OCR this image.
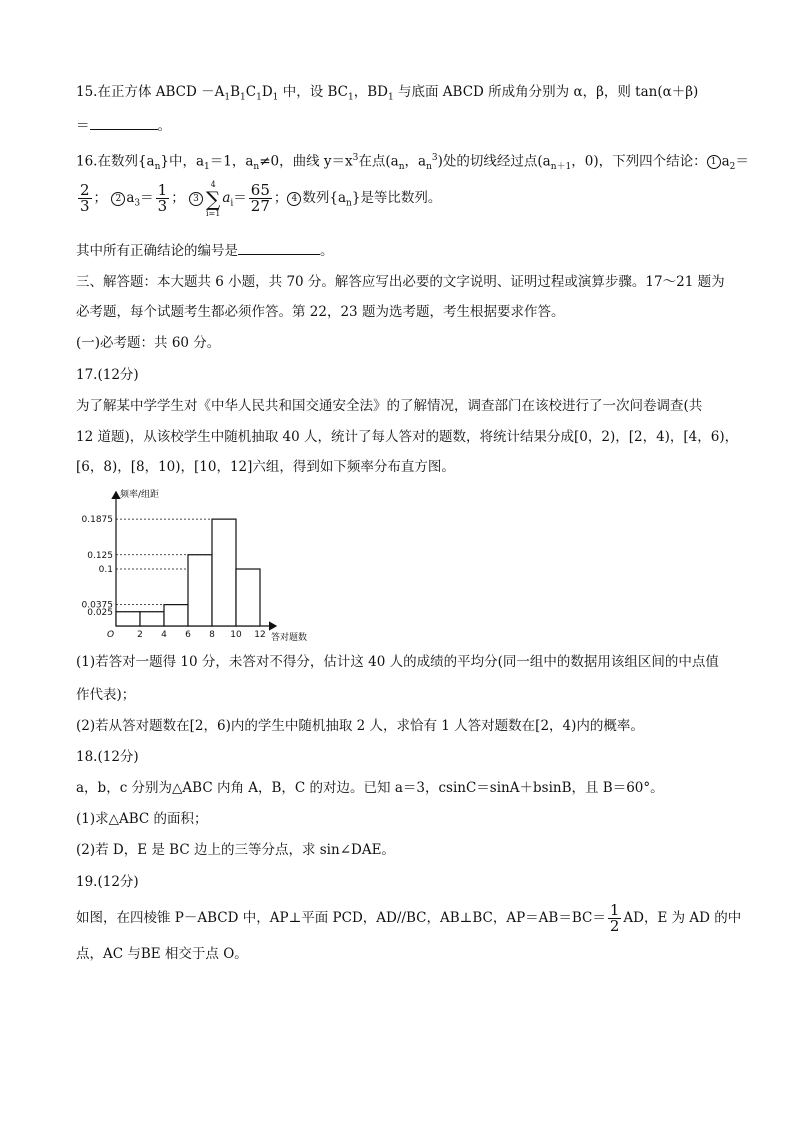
15.在正方体 ABCD $-A_1B_1C_1D_1$ 中，设 $BC_1$，$BD_1$ 与底面 ABCD 所成角分别为 α，β，则 tan(α＋β)
＝	。
16.在数列$\{a_n\}$中，$a_1=1$，$a_n\ne 0$，曲线 $y=x^3$在点($a_n$，$a_n^3$)处的切线经过点($a_{n+1}$，0)，下列四个结论： 1 $a_2=$
$\frac{2}{3}$ ； 2 $a_3= \frac{1}{3}$ ； 3
4
∑
i=1
$a_i= \frac{65}{27}$ ； 4 数列$\{a_n\}$是等比数列。
其中所有正确结论的编号是	。
三、解答题：本大题共 6 小题，共 70 分。解答应写出必要的文字说明、证明过程或演算步骤。17～21 题为
必考题，每个试题考生都必须作答。第 22，23 题为选考题，考生根据要求作答。
(一)必考题：共 60 分。
17.(12分)
为了解某中学学生对《中华人民共和国交通安全法》的了解情况，调查部门在该校进行了一次问卷调查(共
12 道题)，从该校学生中随机抽取 40 人，统计了每人答对的题数，将统计结果分成[0，2)，[2，4)，[4，6)，
[6，8)，[8，10)，[10，12]六组，得到如下频率分布直方图。
0.025
0.0375
0.1
0.125
0.1875
2 4 6 8 10 12
频率/组距
答对题数
O
(1)若答对一题得 10 分，未答对不得分，估计这 40 人的成绩的平均分(同一组中的数据用该组区间的中点值
作代表)；
(2)若从答对题数在[2，6)内的学生中随机抽取 2 人，求恰有 1 人答对题数在[2，4)内的概率。
18.(12分)
a，b，c 分别为△ABC 内角 A，B，C 的对边。已知 a＝3，csinC＝sinA＋bsinB，且 B＝60°。
(1)求△ABC 的面积；
(2)若 D，E 是 BC 边上的三等分点，求 sin∠DAE。
19.(12分)
如图，在四棱锥 P－ABCD 中，AP⊥平面 PCD，AD//BC，AB⊥BC，$AP=AB=BC= \frac{1}{2}$ AD，E 为 AD 的中
点，AC 与BE 相交于点 O。
